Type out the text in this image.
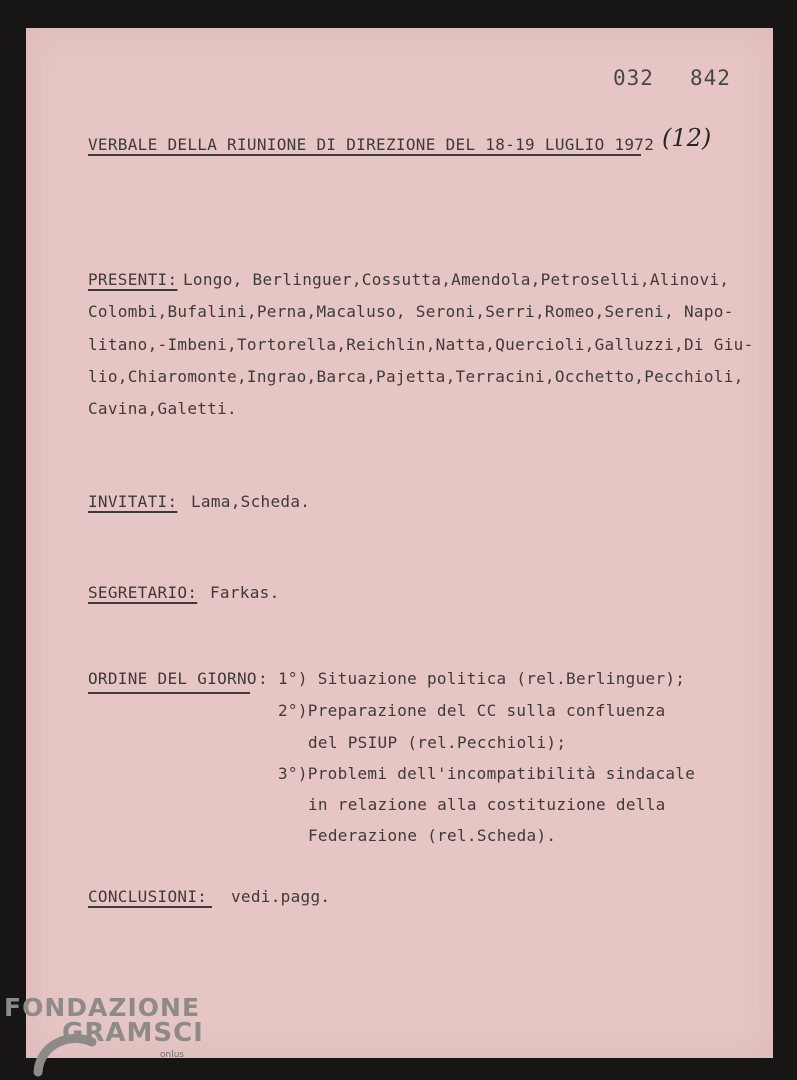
032 842
VERBALE DELLA RIUNIONE DI DIREZIONE DEL 18-19 LUGLIO 1972 (12)
PRESENTI: Longo, Berlinguer,Cossutta,Amendola,Petroselli,Alinovi,
Colombi,Bufalini,Perna,Macaluso, Seroni,Serri,Romeo,Sereni, Napo-
litano,-Imbeni,Tortorella,Reichlin,Natta,Quercioli,Galluzzi,Di Giu-
lio,Chiaromonte,Ingrao,Barca,Pajetta,Terracini,Occhetto,Pecchioli,
Cavina,Galetti.
INVITATI: Lama,Scheda.
SEGRETARIO: Farkas.
ORDINE DEL GIORNO : 1°) Situazione politica (rel.Berlinguer);
2°)Preparazione del CC sulla confluenza
del PSIUP (rel.Pecchioli);
3°)Problemi dell'incompatibilità sindacale
in relazione alla costituzione della
Federazione (rel.Scheda).
CONCLUSIONI: vedi.pagg.
FONDAZIONE
GRAMSCI
onlus
